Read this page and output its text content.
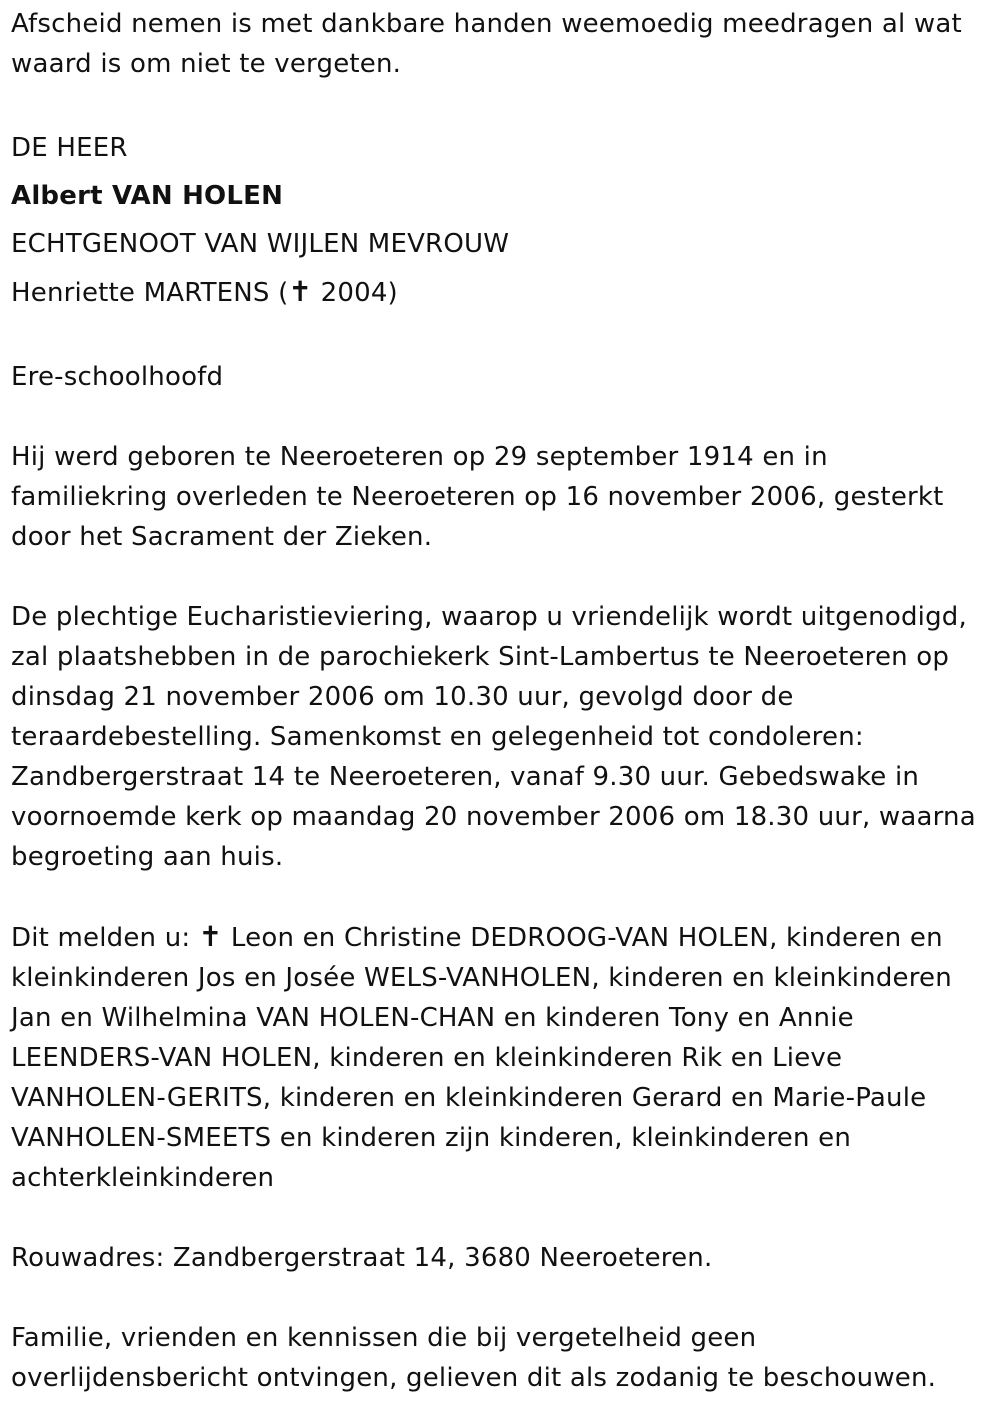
Afscheid nemen is met dankbare handen weemoedig meedragen al wat waard is om niet te vergeten.

DE HEER

Albert VAN HOLEN

ECHTGENOOT VAN WIJLEN MEVROUW

Henriette MARTENS (✝ 2004)

Ere-schoolhoofd

Hij werd geboren te Neeroeteren op 29 september 1914 en in familiekring overleden te Neeroeteren op 16 november 2006, gesterkt door het Sacrament der Zieken.

De plechtige Eucharistieviering, waarop u vriendelijk wordt uitgenodigd, zal plaatshebben in de parochiekerk Sint-Lambertus te Neeroeteren op dinsdag 21 november 2006 om 10.30 uur, gevolgd door de teraardebestelling. Samenkomst en gelegenheid tot condoleren: Zandbergerstraat 14 te Neeroeteren, vanaf 9.30 uur. Gebedswake in voornoemde kerk op maandag 20 november 2006 om 18.30 uur, waarna begroeting aan huis.

Dit melden u: ✝ Leon en Christine DEDROOG-VAN HOLEN, kinderen en kleinkinderen Jos en Josée WELS-VANHOLEN, kinderen en kleinkinderen Jan en Wilhelmina VAN HOLEN-CHAN en kinderen Tony en Annie LEENDERS-VAN HOLEN, kinderen en kleinkinderen Rik en Lieve VANHOLEN-GERITS, kinderen en kleinkinderen Gerard en Marie-Paule VANHOLEN-SMEETS en kinderen zijn kinderen, kleinkinderen en achterkleinkinderen

Rouwadres: Zandbergerstraat 14, 3680 Neeroeteren.

Familie, vrienden en kennissen die bij vergetelheid geen overlijdensbericht ontvingen, gelieven dit als zodanig te beschouwen.
